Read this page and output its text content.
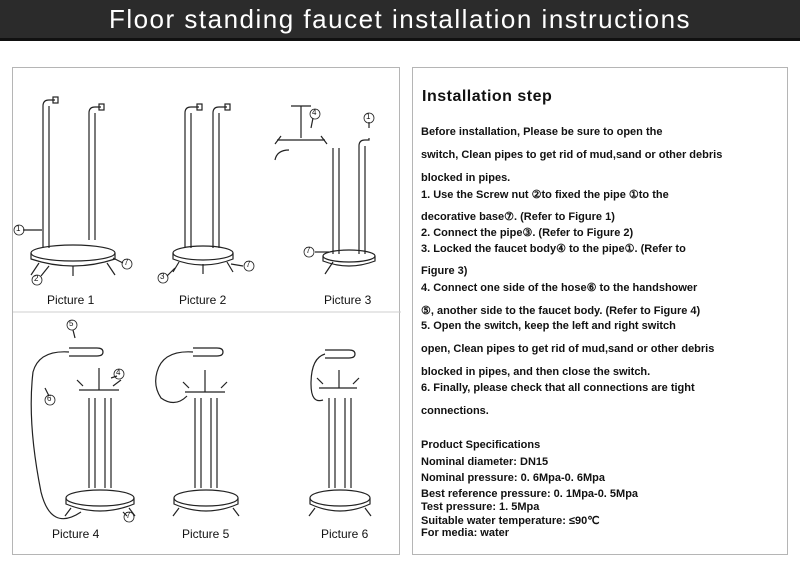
Floor standing faucet installation instructions
1
2
7
3
7
4	1
7
5
6
4
7
Picture 1	Picture 2	Picture 3
Picture 4	Picture 5	Picture 6
Installation step
Before installation, Please be sure to open the
switch, Clean pipes to get rid of mud,sand or other debris
blocked in pipes.
1. Use the Screw nut ②to fixed the pipe ①to the
decorative base⑦. (Refer to Figure 1)
2. Connect the pipe③. (Refer to Figure 2)
3. Locked the faucet body④ to the pipe①. (Refer to
Figure 3)
4. Connect one side of the hose⑥ to the handshower
⑤, another side to the faucet body. (Refer to Figure 4)
5. Open the switch, keep the left and right switch
open, Clean pipes to get rid of mud,sand or other debris
blocked in pipes, and then close the switch.
6. Finally, please check that all connections are tight
connections.
Product Specifications
Nominal diameter: DN15
Nominal pressure: 0. 6Mpa-0. 6Mpa
Best reference pressure: 0. 1Mpa-0. 5Mpa
Test pressure: 1. 5Mpa
Suitable water temperature: ≤90℃
For media: water
